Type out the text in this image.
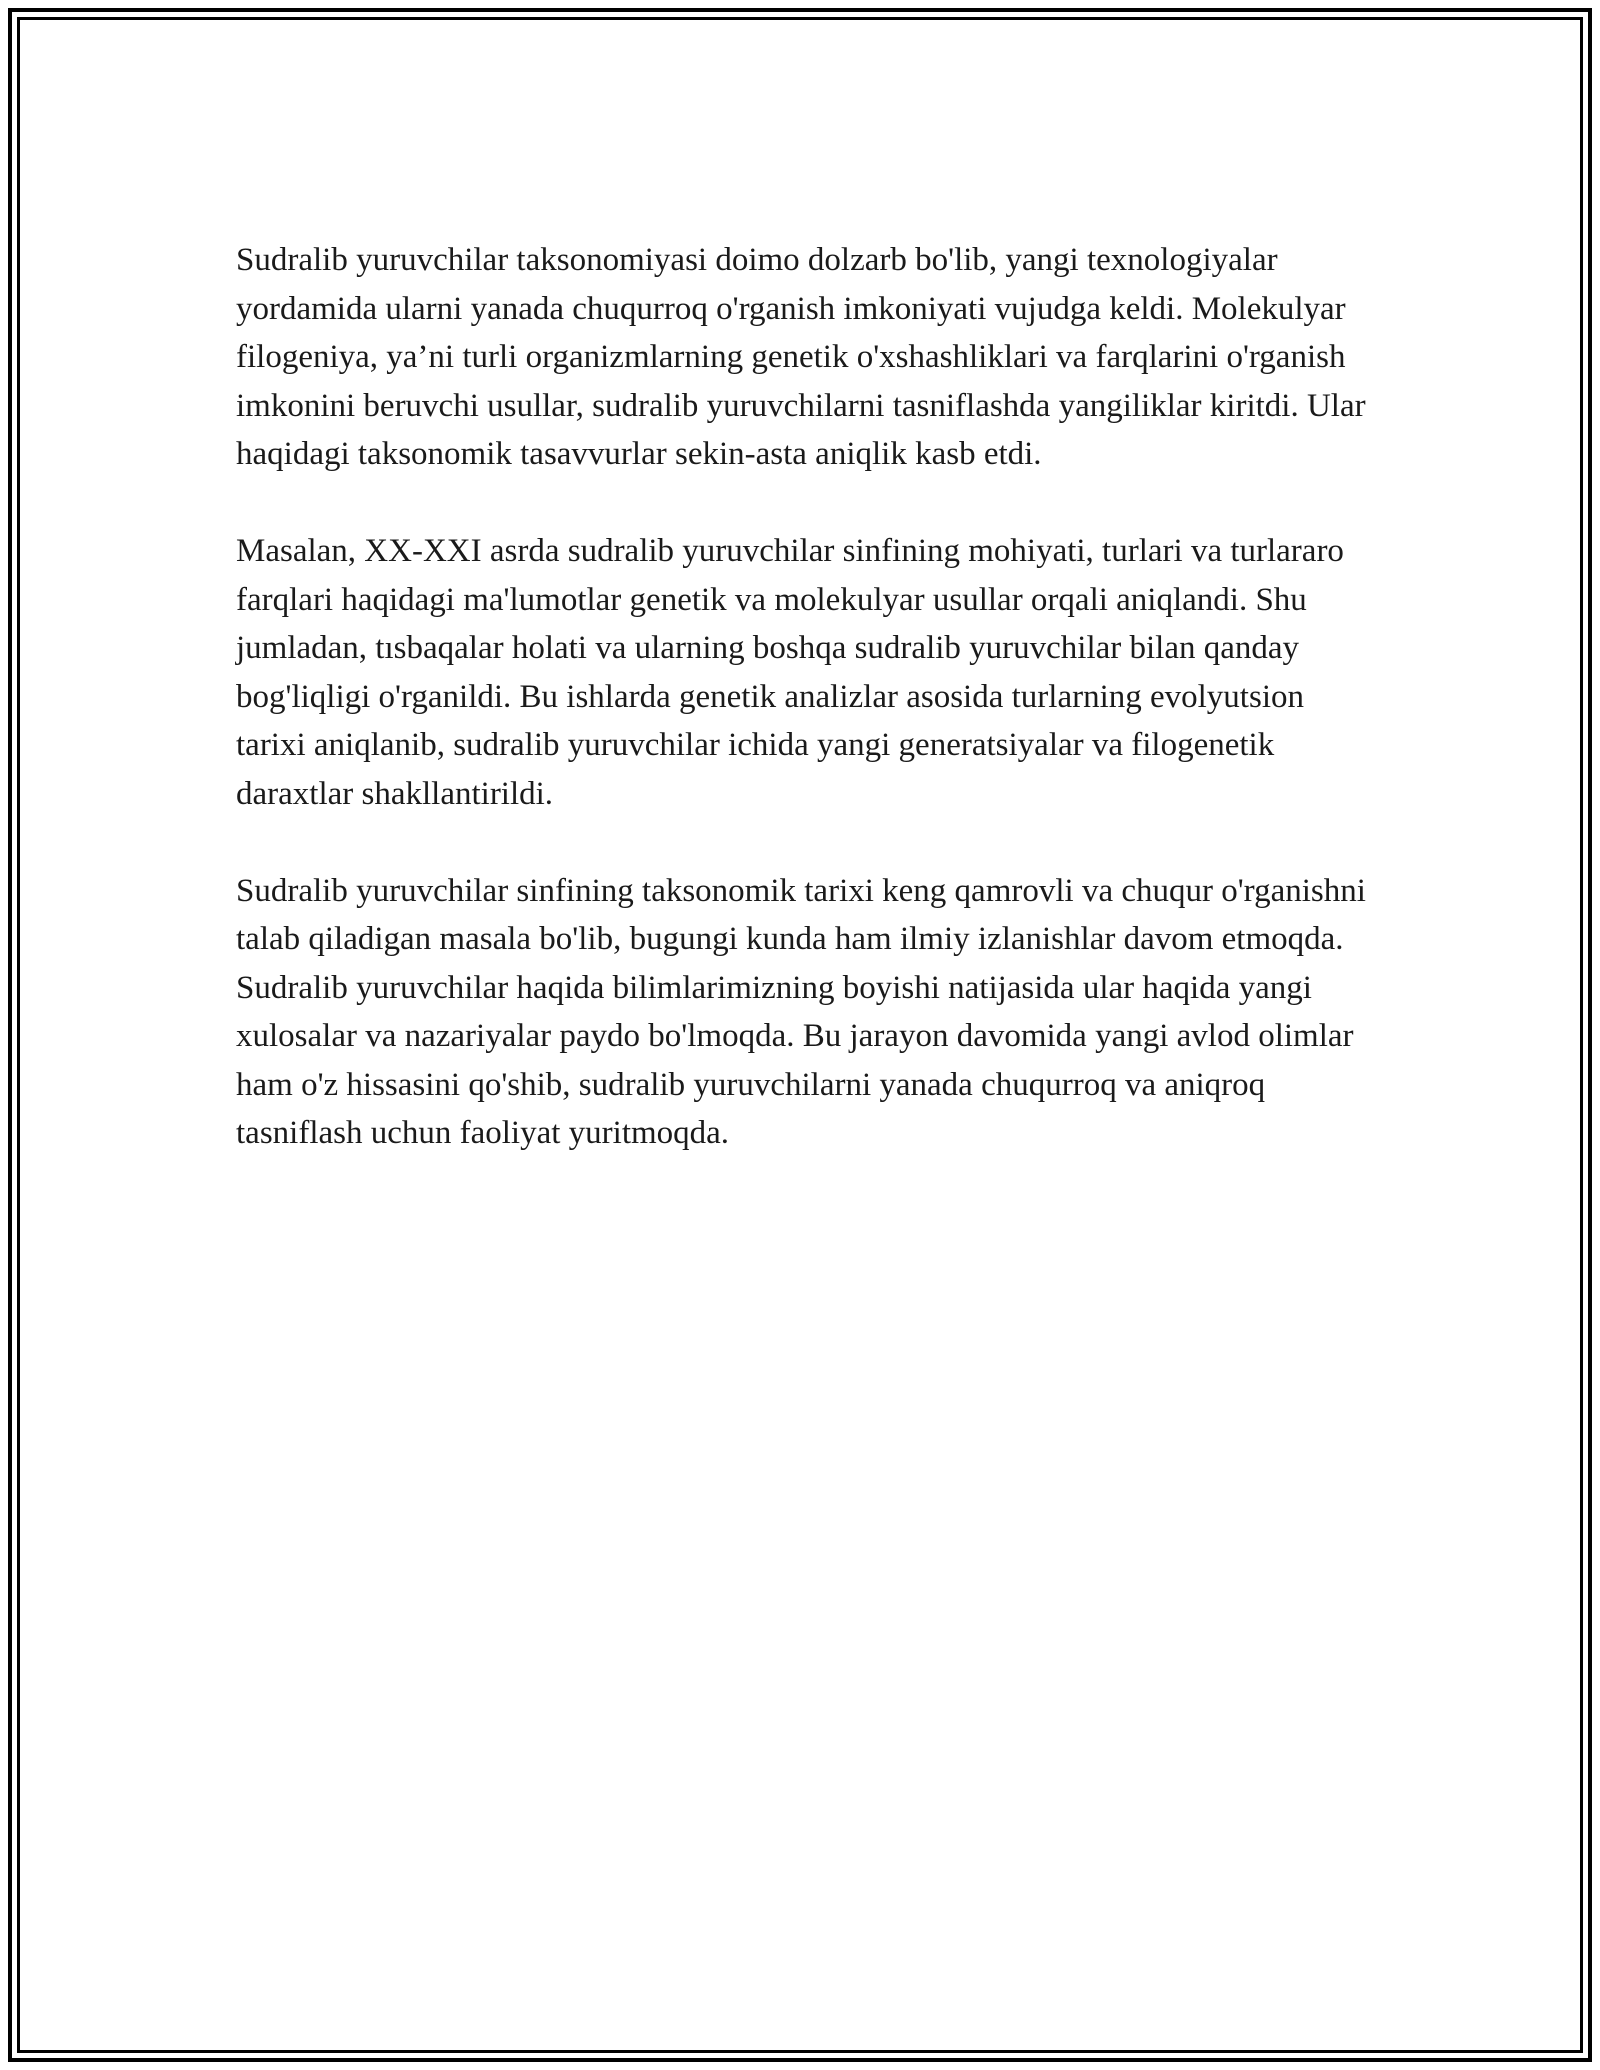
Sudralib yuruvchilar taksonomiyasi doimo dolzarb bo'lib, yangi texnologiyalar yordamida ularni yanada chuqurroq o'rganish imkoniyati vujudga keldi. Molekulyar filogeniya, ya’ni turli organizmlarning genetik o'xshashliklari va farqlarini o'rganish imkonini beruvchi usullar, sudralib yuruvchilarni tasniflashda yangiliklar kiritdi. Ular haqidagi taksonomik tasavvurlar sekin-asta aniqlik kasb etdi.

Masalan, XX-XXI asrda sudralib yuruvchilar sinfining mohiyati, turlari va turlararo farqlari haqidagi ma'lumotlar genetik va molekulyar usullar orqali aniqlandi. Shu jumladan, tısbaqalar holati va ularning boshqa sudralib yuruvchilar bilan qanday bog'liqligi o'rganildi. Bu ishlarda genetik analizlar asosida turlarning evolyutsion tarixi aniqlanib, sudralib yuruvchilar ichida yangi generatsiyalar va filogenetik daraxtlar shakllantirildi.

Sudralib yuruvchilar sinfining taksonomik tarixi keng qamrovli va chuqur o'rganishni talab qiladigan masala bo'lib, bugungi kunda ham ilmiy izlanishlar davom etmoqda. Sudralib yuruvchilar haqida bilimlarimizning boyishi natijasida ular haqida yangi xulosalar va nazariyalar paydo bo'lmoqda. Bu jarayon davomida yangi avlod olimlar ham o'z hissasini qo'shib, sudralib yuruvchilarni yanada chuqurroq va aniqroq tasniflash uchun faoliyat yuritmoqda.
